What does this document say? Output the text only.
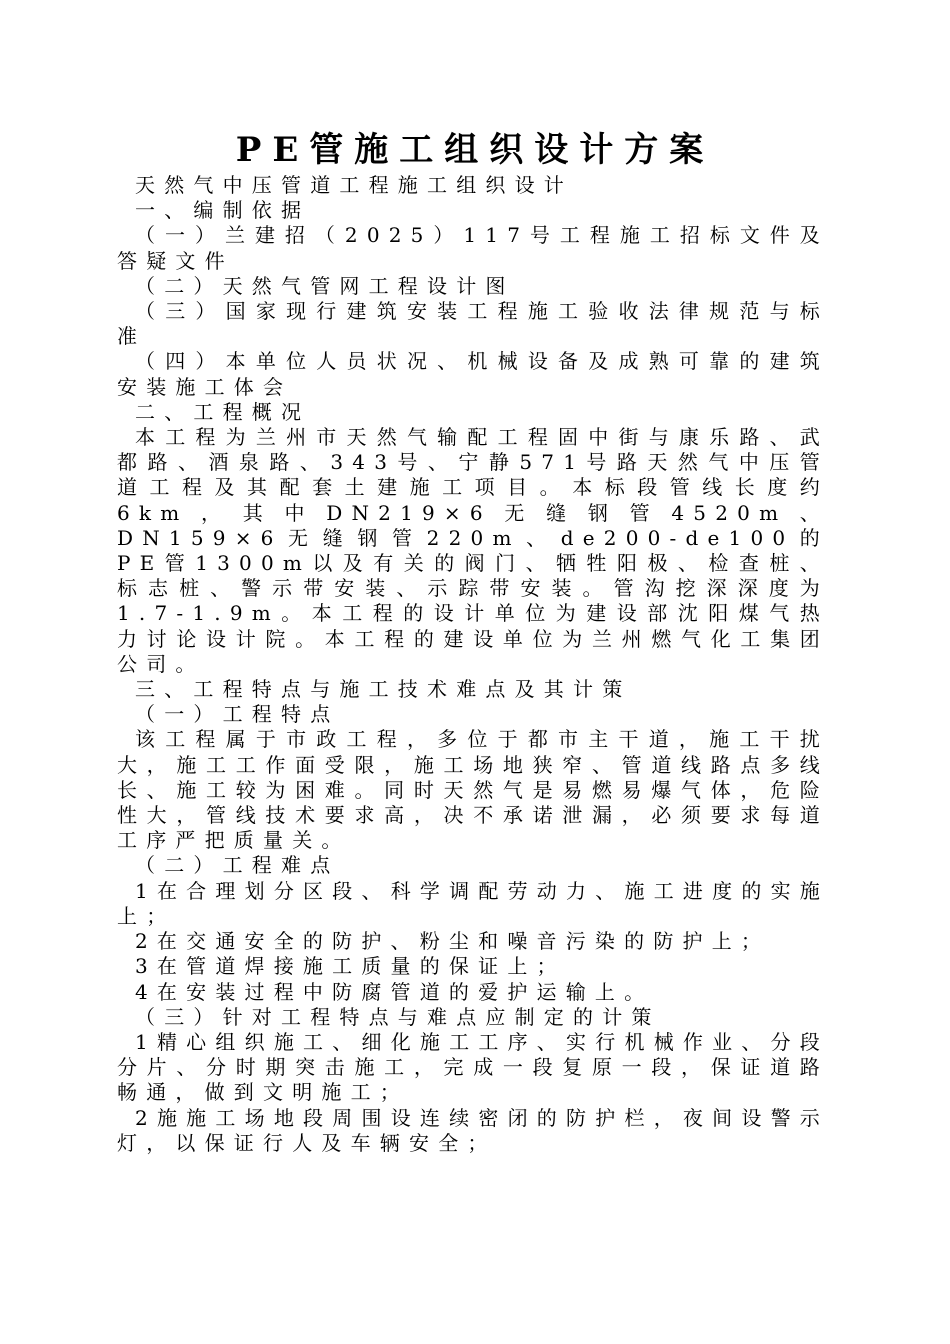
PE管施工组织设计方案

天然气中压管道工程施工组织设计

一、编制依据

（一）兰建招（2025）117号工程施工招标文件及答疑文件

（二）天然气管网工程设计图

（三）国家现行建筑安装工程施工验收法律规范与标准

（四）本单位人员状况、机械设备及成熟可靠的建筑安装施工体会

二、工程概况

本工程为兰州市天然气输配工程固中街与康乐路、武都路、酒泉路、343号、宁静571号路天然气中压管道工程及其配套土建施工项目。本标段管线长度约6km，其中DN219×6无缝钢管4520m、DN159×6无缝钢管220m、de200-de100的PE管1300m以及有关的阀门、牺牲阳极、检查桩、标志桩、警示带安装、示踪带安装。管沟挖深深度为1.7-1.9m。本工程的设计单位为建设部沈阳煤气热力讨论设计院。本工程的建设单位为兰州燃气化工集团公司。

三、工程特点与施工技术难点及其计策

（一）工程特点

该工程属于市政工程，多位于都市主干道，施工干扰大，施工工作面受限，施工场地狭窄、管道线路点多线长、施工较为困难。同时天然气是易燃易爆气体，危险性大，管线技术要求高，决不承诺泄漏，必须要求每道工序严把质量关。

（二）工程难点

1在合理划分区段、科学调配劳动力、施工进度的实施上；

2在交通安全的防护、粉尘和噪音污染的防护上；

3在管道焊接施工质量的保证上；

4在安装过程中防腐管道的爱护运输上。

（三）针对工程特点与难点应制定的计策

1精心组织施工、细化施工工序、实行机械作业、分段分片、分时期突击施工，完成一段复原一段，保证道路畅通，做到文明施工；

2施施工场地段周围设连续密闭的防护栏，夜间设警示灯，以保证行人及车辆安全；
